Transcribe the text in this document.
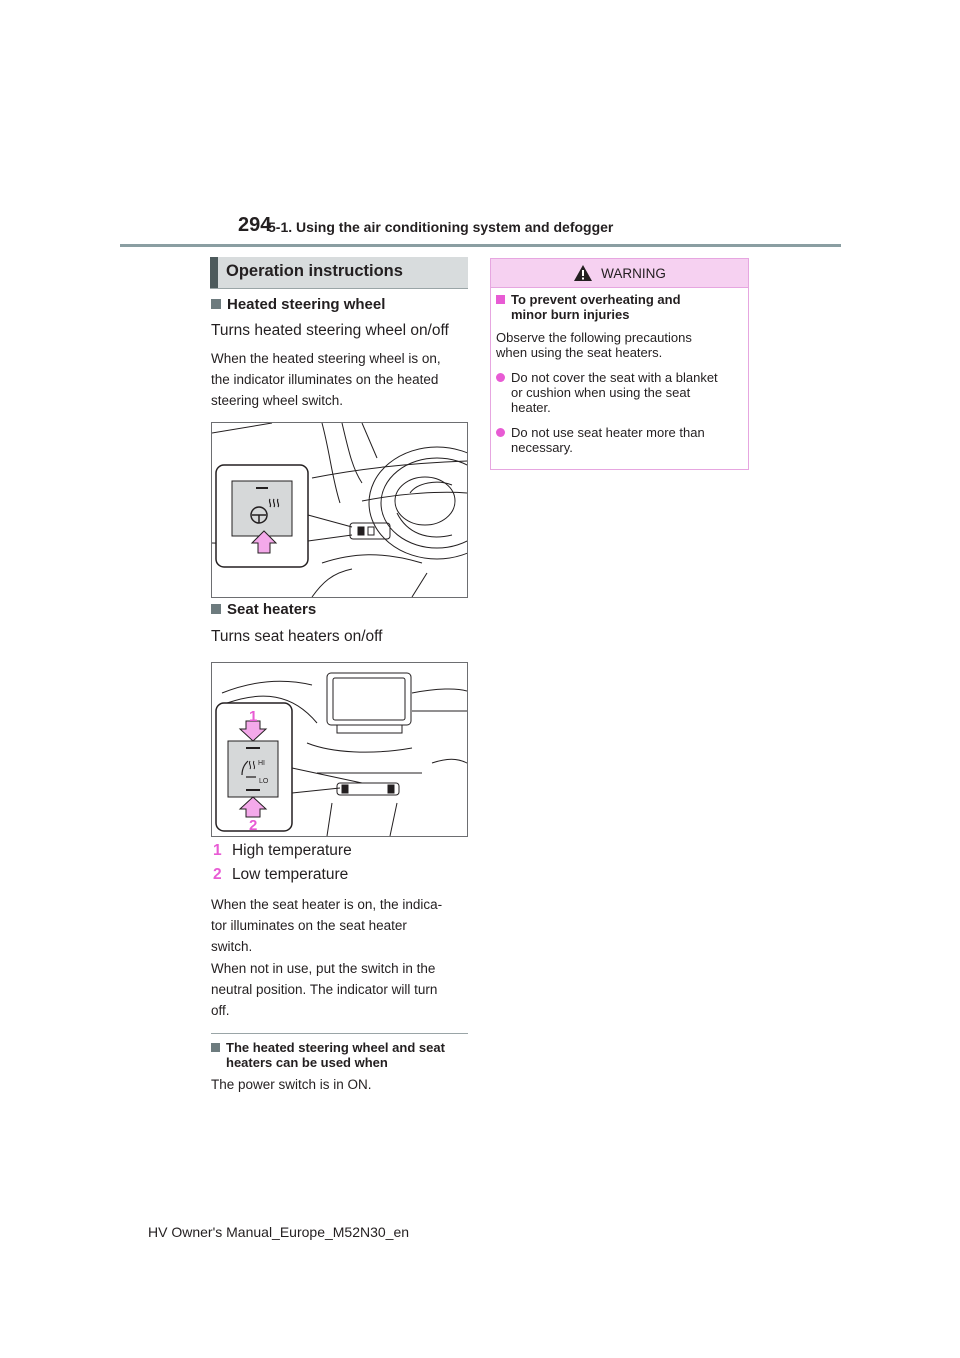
294
5-1. Using the air conditioning system and defogger
Operation instructions
Heated steering wheel
Turns heated steering wheel on/off
When the heated steering wheel is on,
the indicator illuminates on the heated
steering wheel switch.
Seat heaters
Turns seat heaters on/off
HI
LO
1
2
1 High temperature
2 Low temperature
When the seat heater is on, the indica-
tor illuminates on the seat heater
switch.
When not in use, put the switch in the
neutral position. The indicator will turn
off.
The heated steering wheel and seat
heaters can be used when
The power switch is in ON.
WARNING
To prevent overheating and
minor burn injuries
Observe the following precautions
when using the seat heaters.
Do not cover the seat with a blanket
or cushion when using the seat
heater.
Do not use seat heater more than
necessary.
HV Owner's Manual_Europe_M52N30_en
